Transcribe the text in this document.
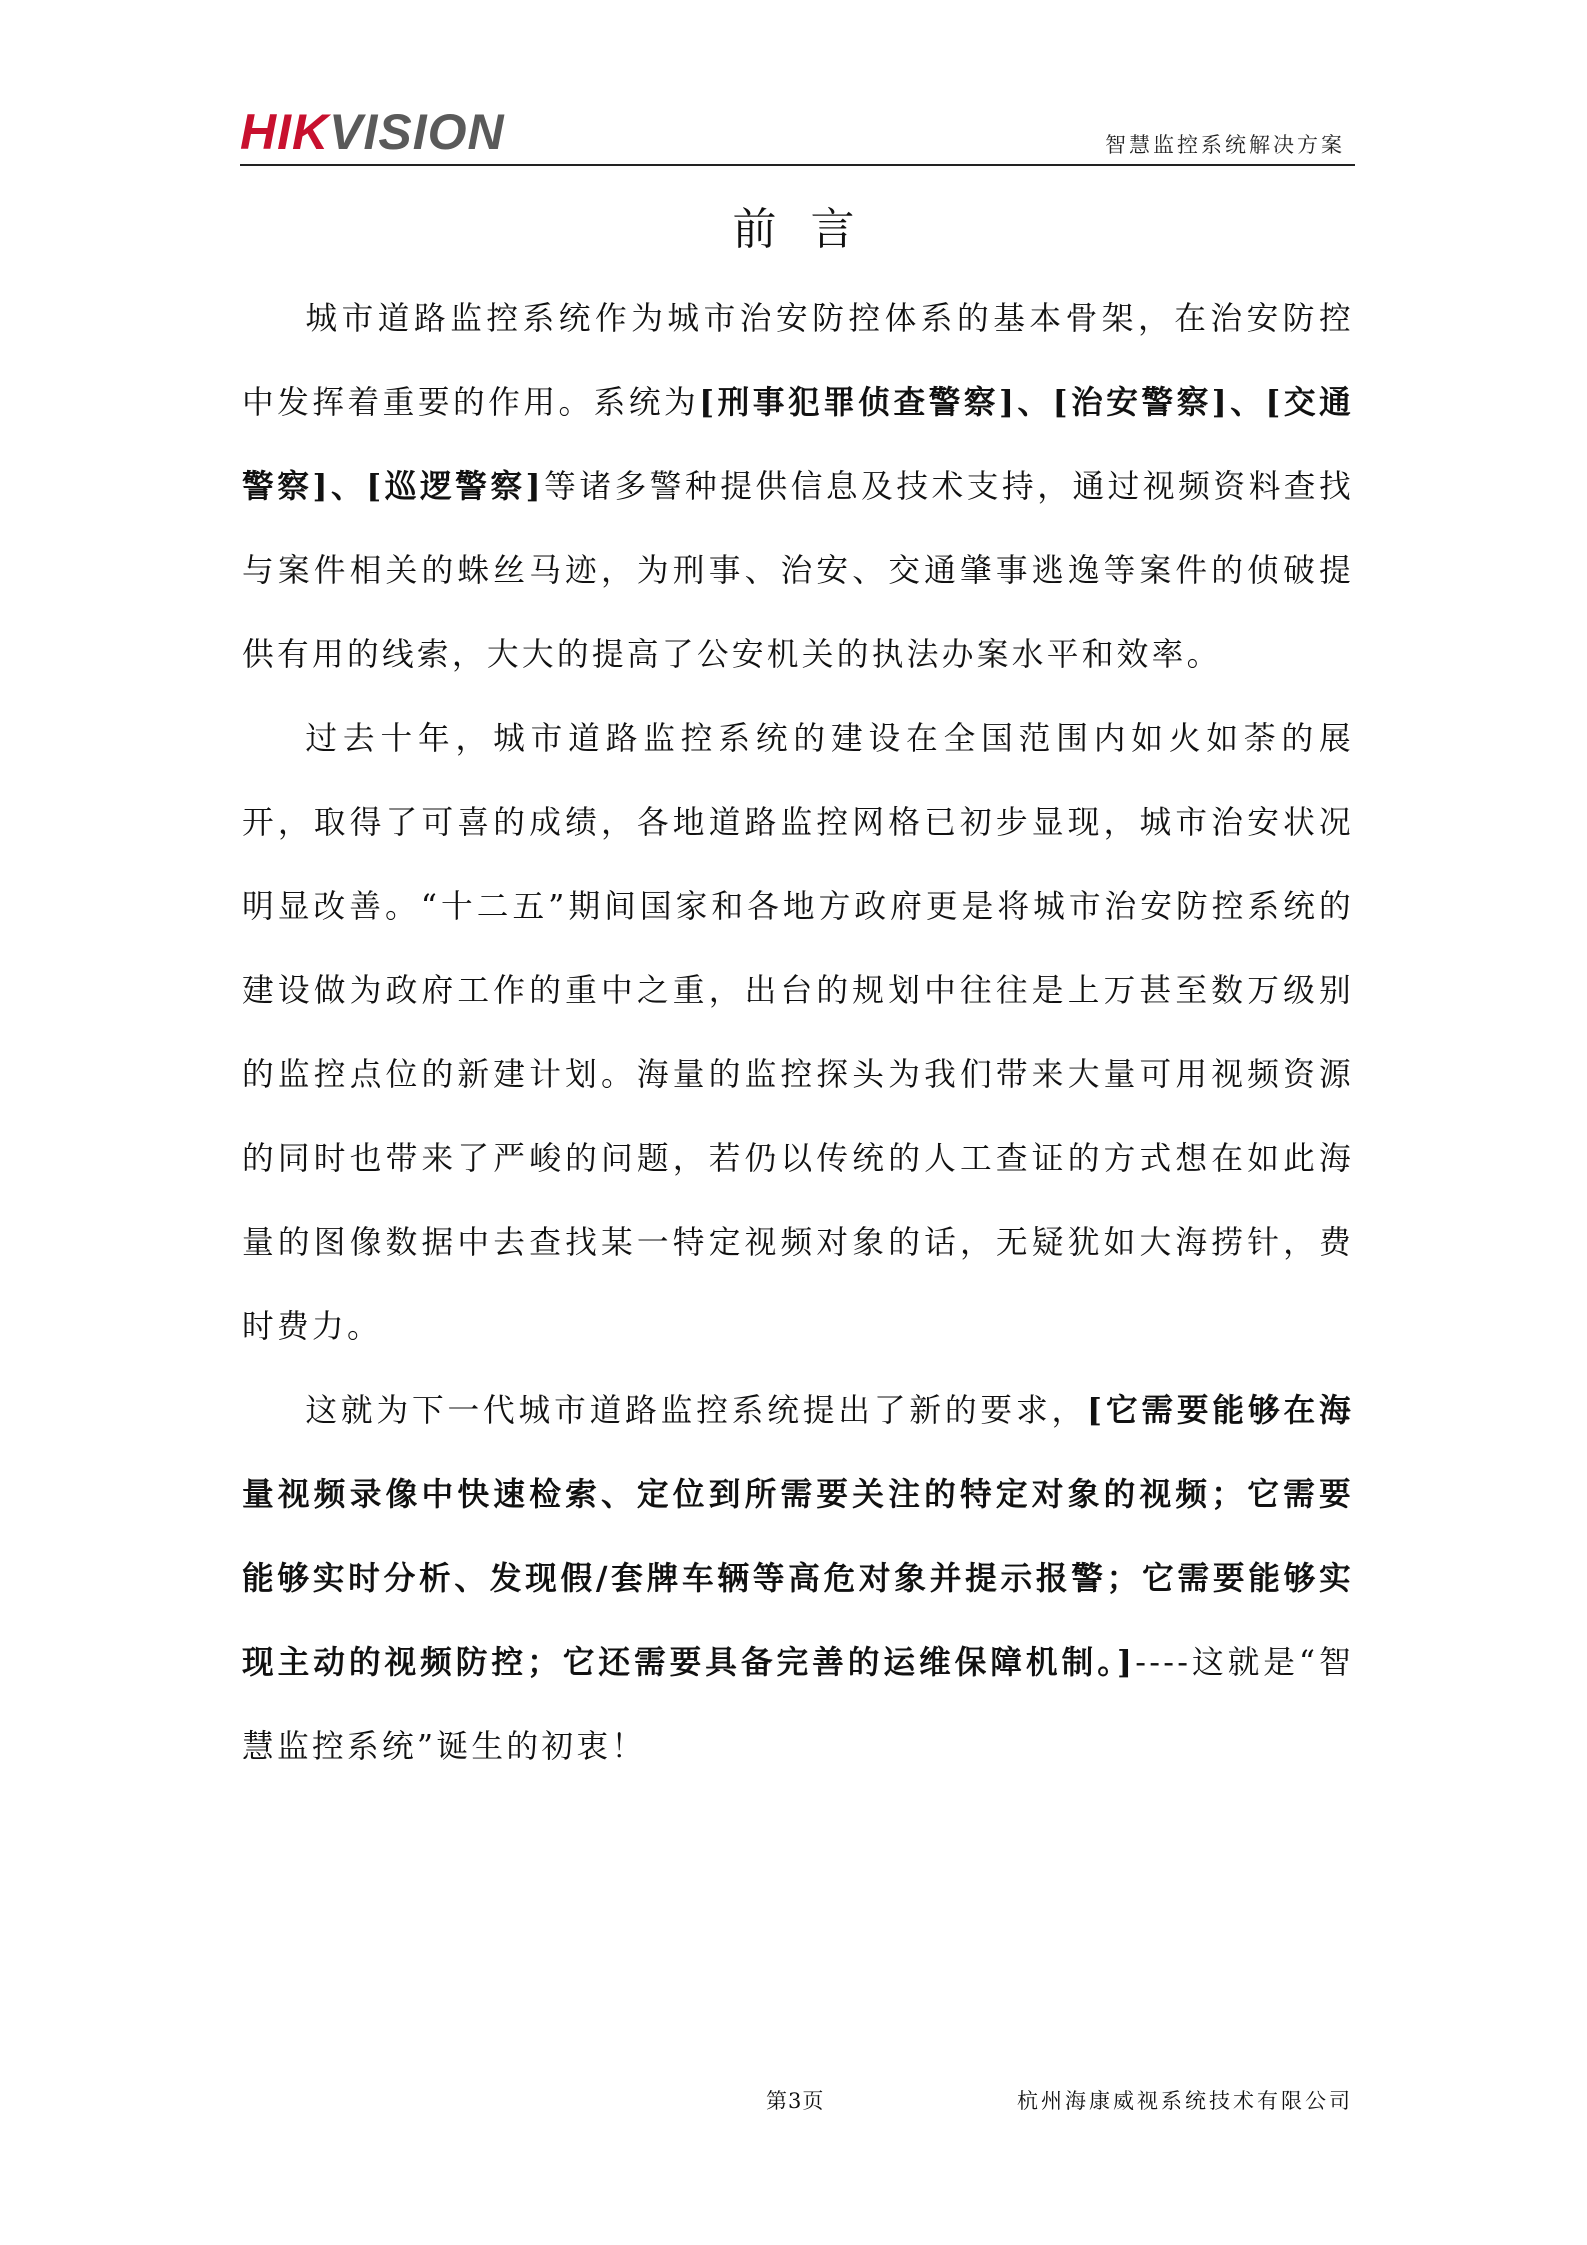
HIKVISION	智慧监控系统解决方案
前言

城市道路监控系统作为城市治安防控体系的基本骨架，在治安防控中发挥着重要的作用。系统为[刑事犯罪侦查警察]、[治安警察]、[交通警察]、[巡逻警察]等诸多警种提供信息及技术支持，通过视频资料查找与案件相关的蛛丝马迹，为刑事、治安、交通肇事逃逸等案件的侦破提供有用的线索，大大的提高了公安机关的执法办案水平和效率。

过去十年，城市道路监控系统的建设在全国范围内如火如荼的展开，取得了可喜的成绩，各地道路监控网格已初步显现，城市治安状况明显改善。“十二五”期间国家和各地方政府更是将城市治安防控系统的建设做为政府工作的重中之重，出台的规划中往往是上万甚至数万级别的监控点位的新建计划。海量的监控探头为我们带来大量可用视频资源的同时也带来了严峻的问题，若仍以传统的人工查证的方式想在如此海量的图像数据中去查找某一特定视频对象的话，无疑犹如大海捞针，费时费力。

这就为下一代城市道路监控系统提出了新的要求，[它需要能够在海量视频录像中快速检索、定位到所需要关注的特定对象的视频；它需要能够实时分析、发现假/套牌车辆等高危对象并提示报警；它需要能够实现主动的视频防控；它还需要具备完善的运维保障机制。]----这就是“智慧监控系统”诞生的初衷！

第3页	杭州海康威视系统技术有限公司
